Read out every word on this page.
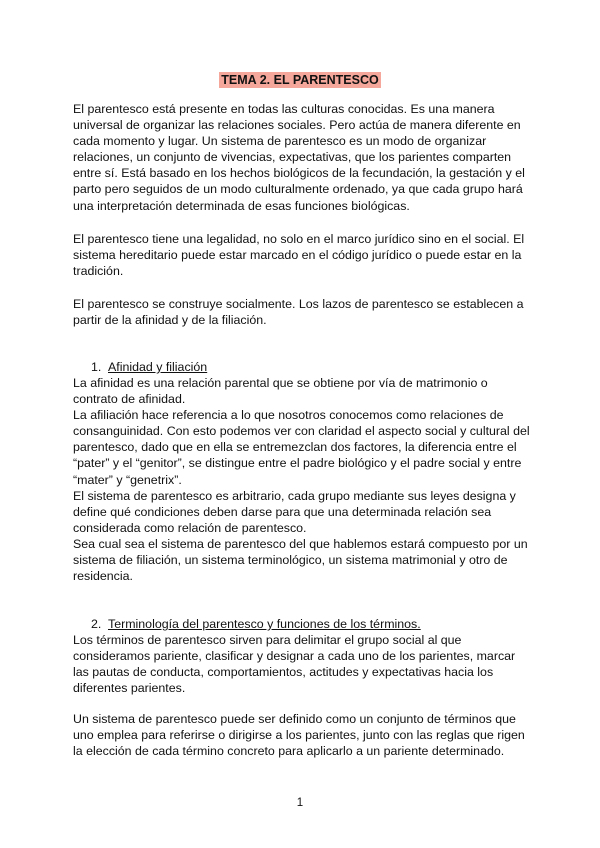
TEMA 2. EL PARENTESCO

El parentesco está presente en todas las culturas conocidas. Es una manera universal de organizar las relaciones sociales. Pero actúa de manera diferente en cada momento y lugar. Un sistema de parentesco es un modo de organizar relaciones, un conjunto de vivencias, expectativas, que los parientes comparten entre sí. Está basado en los hechos biológicos de la fecundación, la gestación y el parto pero seguidos de un modo culturalmente ordenado, ya que cada grupo hará una interpretación determinada de esas funciones biológicas.

El parentesco tiene una legalidad, no solo en el marco jurídico sino en el social. El sistema hereditario puede estar marcado en el código jurídico o puede estar en la tradición.

El parentesco se construye socialmente. Los lazos de parentesco se establecen a partir de la afinidad y de la filiación.

1. Afinidad y filiación

La afinidad es una relación parental que se obtiene por vía de matrimonio o contrato de afinidad.

La afiliación hace referencia a lo que nosotros conocemos como relaciones de consanguinidad. Con esto podemos ver con claridad el aspecto social y cultural del parentesco, dado que en ella se entremezclan dos factores, la diferencia entre el “pater” y el “genitor”, se distingue entre el padre biológico y el padre social y entre “mater” y “genetrix”.

El sistema de parentesco es arbitrario, cada grupo mediante sus leyes designa y define qué condiciones deben darse para que una determinada relación sea considerada como relación de parentesco.

Sea cual sea el sistema de parentesco del que hablemos estará compuesto por un sistema de filiación, un sistema terminológico, un sistema matrimonial y otro de residencia.

2. Terminología del parentesco y funciones de los términos.

Los términos de parentesco sirven para delimitar el grupo social al que consideramos pariente, clasificar y designar a cada uno de los parientes, marcar las pautas de conducta, comportamientos, actitudes y expectativas hacia los diferentes parientes.

Un sistema de parentesco puede ser definido como un conjunto de términos que uno emplea para referirse o dirigirse a los parientes, junto con las reglas que rigen la elección de cada término concreto para aplicarlo a un pariente determinado.

1
